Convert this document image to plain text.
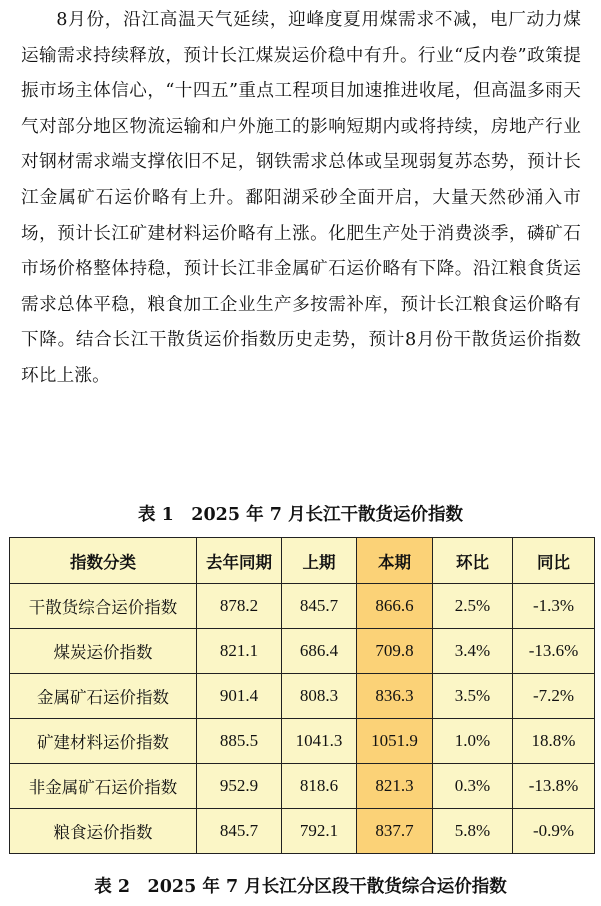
8月份，沿江高温天气延续，迎峰度夏用煤需求不减，电厂动力煤运输需求持续释放，预计长江煤炭运价稳中有升。行业“反内卷”政策提振市场主体信心，“十四五”重点工程项目加速推进收尾，但高温多雨天气对部分地区物流运输和户外施工的影响短期内或将持续，房地产行业对钢材需求端支撑依旧不足，钢铁需求总体或呈现弱复苏态势，预计长江金属矿石运价略有上升。鄱阳湖采砂全面开启，大量天然砂涌入市场，预计长江矿建材料运价略有上涨。化肥生产处于消费淡季，磷矿石市场价格整体持稳，预计长江非金属矿石运价略有下降。沿江粮食货运需求总体平稳，粮食加工企业生产多按需补库，预计长江粮食运价略有下降。结合长江干散货运价指数历史走势，预计8月份干散货运价指数环比上涨。

表 1　2025 年 7 月长江干散货运价指数
指数分类	去年同期	上期	本期	环比	同比
干散货综合运价指数	878.2	845.7	866.6	2.5%	-1.3%
煤炭运价指数	821.1	686.4	709.8	3.4%	-13.6%
金属矿石运价指数	901.4	808.3	836.3	3.5%	-7.2%
矿建材料运价指数	885.5	1041.3	1051.9	1.0%	18.8%
非金属矿石运价指数	952.9	818.6	821.3	0.3%	-13.8%
粮食运价指数	845.7	792.1	837.7	5.8%	-0.9%
表 2　2025 年 7 月长江分区段干散货综合运价指数
